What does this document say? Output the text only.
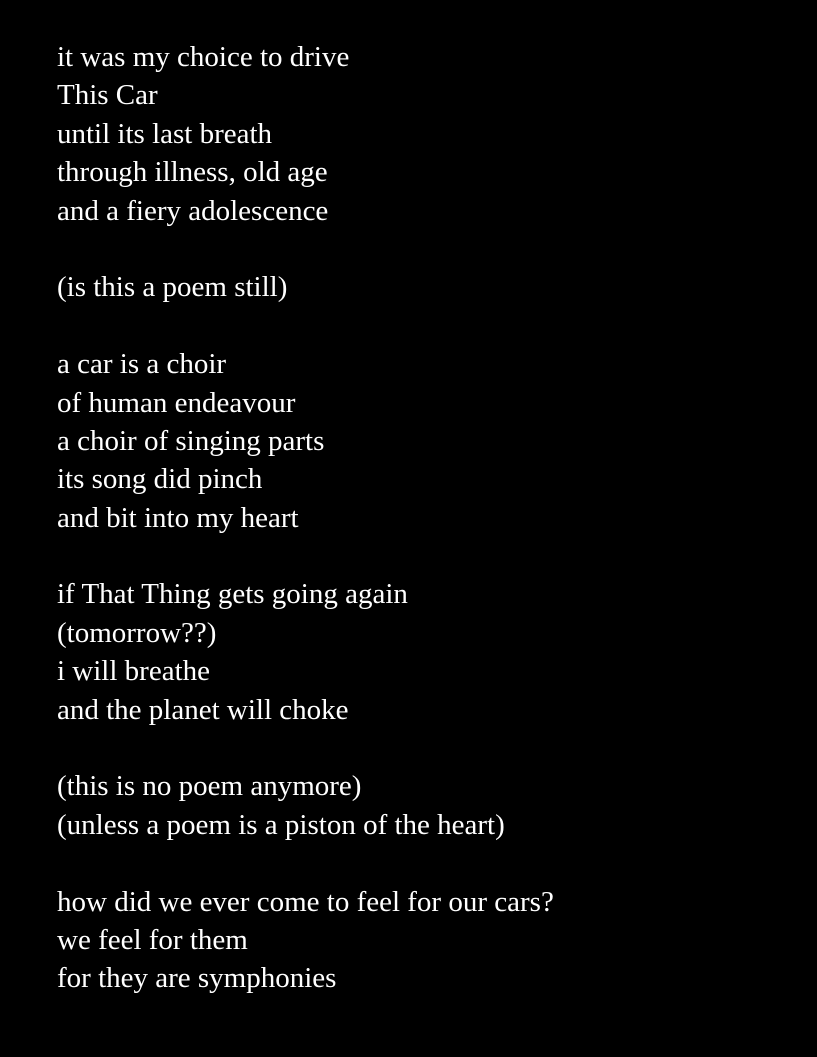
it was my choice to drive
This Car
until its last breath
through illness, old age
and a fiery adolescence
(is this a poem still)
a car is a choir
of human endeavour
a choir of singing parts
its song did pinch
and bit into my heart
if That Thing gets going again
(tomorrow??)
i will breathe
and the planet will choke
(this is no poem anymore)
(unless a poem is a piston of the heart)
how did we ever come to feel for our cars?
we feel for them
for they are symphonies
